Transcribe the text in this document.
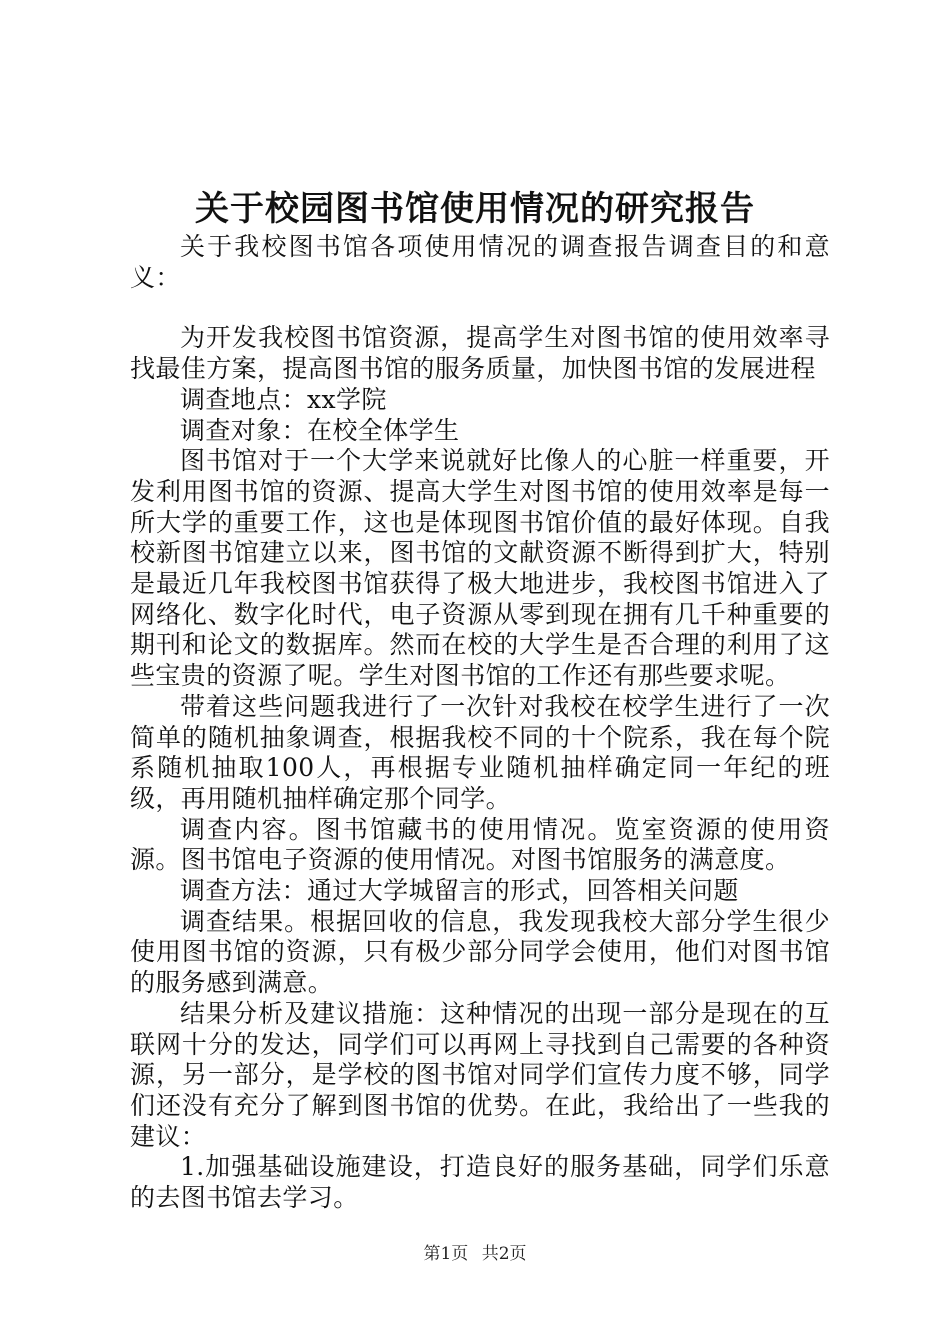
关于校园图书馆使用情况的研究报告

关于我校图书馆各项使用情况的调查报告调查目的和意义：

为开发我校图书馆资源，提高学生对图书馆的使用效率寻找最佳方案，提高图书馆的服务质量，加快图书馆的发展进程

调查地点：xx学院

调查对象：在校全体学生

图书馆对于一个大学来说就好比像人的心脏一样重要，开发利用图书馆的资源、提高大学生对图书馆的使用效率是每一所大学的重要工作，这也是体现图书馆价值的最好体现。自我校新图书馆建立以来，图书馆的文献资源不断得到扩大，特别是最近几年我校图书馆获得了极大地进步，我校图书馆进入了网络化、数字化时代，电子资源从零到现在拥有几千种重要的期刊和论文的数据库。然而在校的大学生是否合理的利用了这些宝贵的资源了呢。学生对图书馆的工作还有那些要求呢。

带着这些问题我进行了一次针对我校在校学生进行了一次简单的随机抽象调查，根据我校不同的十个院系，我在每个院系随机抽取100人，再根据专业随机抽样确定同一年纪的班级，再用随机抽样确定那个同学。

调查内容。图书馆藏书的使用情况。览室资源的使用资源。图书馆电子资源的使用情况。对图书馆服务的满意度。

调查方法：通过大学城留言的形式，回答相关问题

调查结果。根据回收的信息，我发现我校大部分学生很少使用图书馆的资源，只有极少部分同学会使用，他们对图书馆的服务感到满意。

结果分析及建议措施：这种情况的出现一部分是现在的互联网十分的发达，同学们可以再网上寻找到自己需要的各种资源，另一部分，是学校的图书馆对同学们宣传力度不够，同学们还没有充分了解到图书馆的优势。在此，我给出了一些我的建议：

1.加强基础设施建设，打造良好的服务基础，同学们乐意的去图书馆去学习。

第1页 共2页
